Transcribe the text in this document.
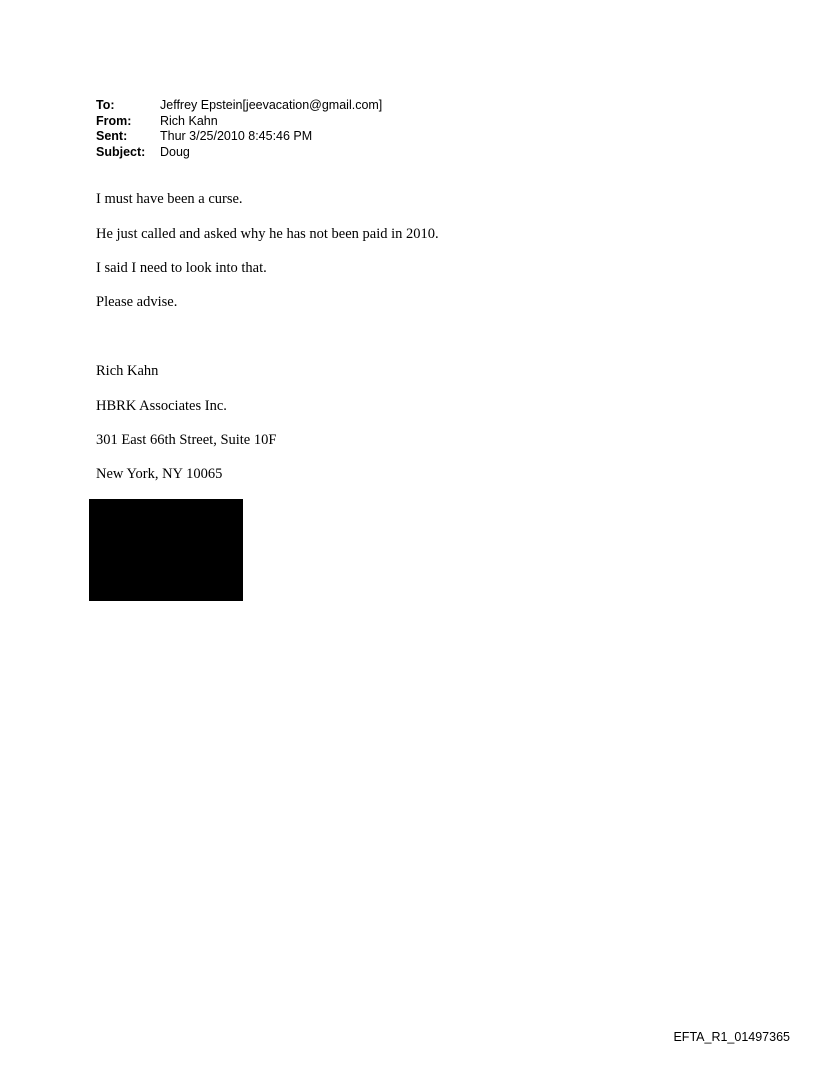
To:	Jeffrey Epstein[jeevacation@gmail.com]
From:	Rich Kahn
Sent:	Thur 3/25/2010 8:45:46 PM
Subject:	Doug
I must have been a curse.
He just called and asked why he has not been paid in 2010.
I said I need to look into that.
Please advise.
Rich Kahn
HBRK Associates Inc.
301 East 66th Street, Suite 10F
New York, NY 10065
EFTA_R1_01497365
